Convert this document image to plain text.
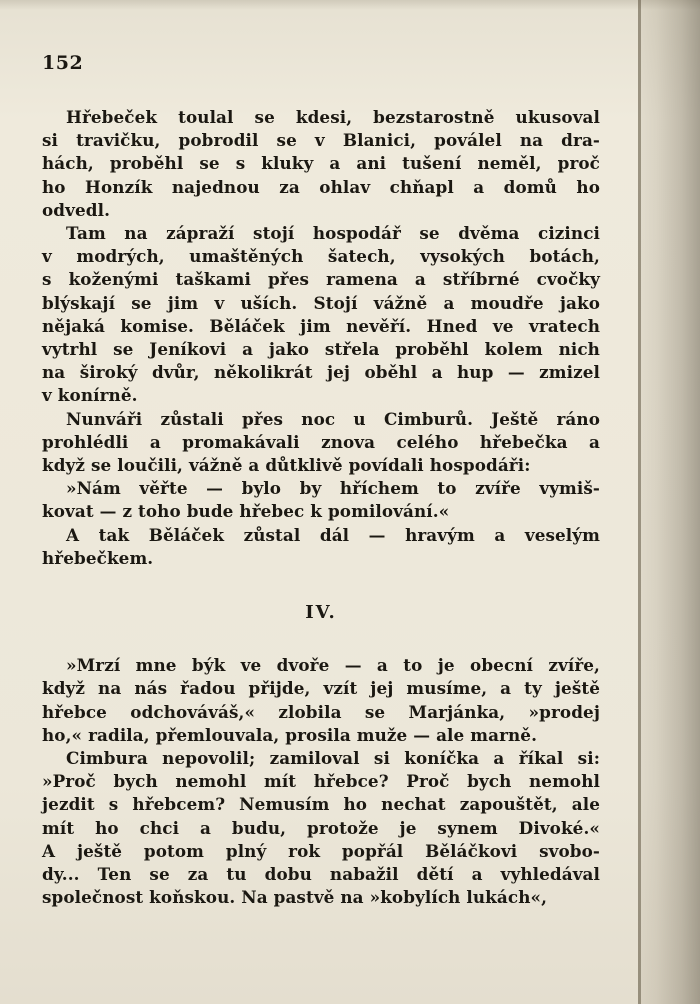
152
Hřebeček toulal se kdesi, bezstarostně ukusoval
si travičku, pobrodil se v Blanici, poválel na dra-
hách, proběhl se s kluky a ani tušení neměl, proč
ho Honzík najednou za ohlav chňapl a domů ho
odvedl.
Tam na zápraží stojí hospodář se dvěma cizinci
v modrých, umaštěných šatech, vysokých botách,
s koženými taškami přes ramena a stříbrné cvočky
blýskají se jim v uších. Stojí vážně a moudře jako
nějaká komise. Běláček jim nevěří. Hned ve vratech
vytrhl se Jeníkovi a jako střela proběhl kolem nich
na široký dvůr, několikrát jej oběhl a hup — zmizel
v konírně.
Nunváři zůstali přes noc u Cimburů. Ještě ráno
prohlédli a promakávali znova celého hřebečka a
když se loučili, vážně a důtklivě povídali hospodáři:
»Nám věřte — bylo by hříchem to zvíře vymiš-
kovat — z toho bude hřebec k pomilování.«
A tak Běláček zůstal dál — hravým a veselým
hřebečkem.
IV.
»Mrzí mne býk ve dvoře — a to je obecní zvíře,
když na nás řadou přijde, vzít jej musíme, a ty ještě
hřebce odchováváš,« zlobila se Marjánka, »prodej
ho,« radila, přemlouvala, prosila muže — ale marně.
Cimbura nepovolil; zamiloval si koníčka a říkal si:
»Proč bych nemohl mít hřebce? Proč bych nemohl
jezdit s hřebcem? Nemusím ho nechat zapouštět, ale
mít ho chci a budu, protože je synem Divoké.«
A ještě potom plný rok popřál Běláčkovi svobo-
dy... Ten se za tu dobu nabažil dětí a vyhledával
společnost koňskou. Na pastvě na »kobylích lukách«,
